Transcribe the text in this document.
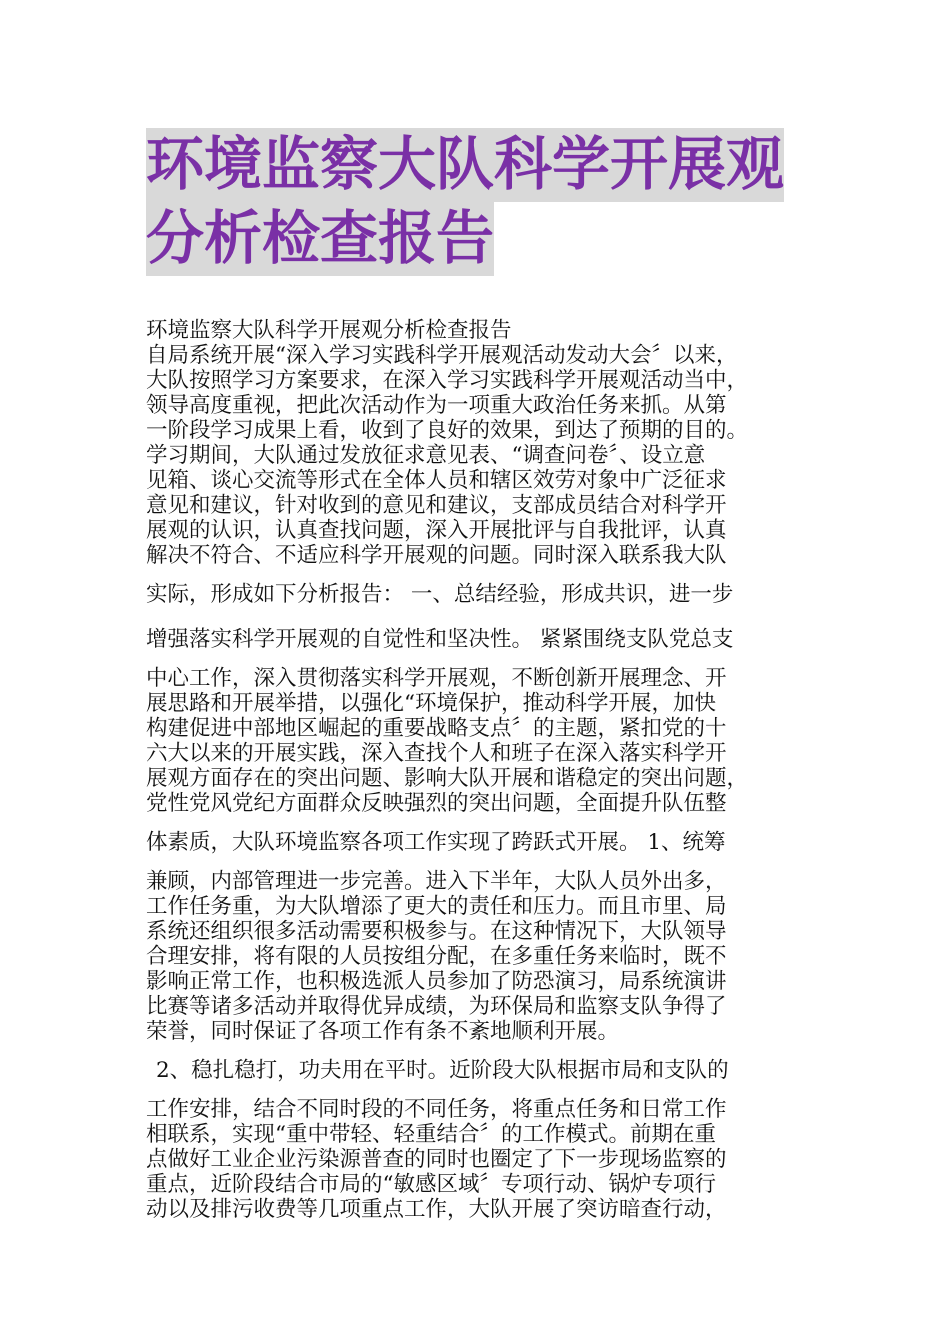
环境监察大队科学开展观
分析检查报告
环境监察大队科学开展观分析检查报告
自局系统开展“深入学习实践科学开展观活动发动大会〞以来，
大队按照学习方案要求，在深入学习实践科学开展观活动当中，
领导高度重视，把此次活动作为一项重大政治任务来抓。从第
一阶段学习成果上看，收到了良好的效果，到达了预期的目的。
学习期间，大队通过发放征求意见表、“调查问卷〞、设立意
见箱、谈心交流等形式在全体人员和辖区效劳对象中广泛征求
意见和建议，针对收到的意见和建议，支部成员结合对科学开
展观的认识，认真查找问题，深入开展批评与自我批评，认真
解决不符合、不适应科学开展观的问题。同时深入联系我大队
实际，形成如下分析报告： 一、总结经验，形成共识，进一步
增强落实科学开展观的自觉性和坚决性。 紧紧围绕支队党总支
中心工作，深入贯彻落实科学开展观，不断创新开展理念、开
展思路和开展举措，以强化“环境保护，推动科学开展，加快
构建促进中部地区崛起的重要战略支点〞的主题，紧扣党的十
六大以来的开展实践，深入查找个人和班子在深入落实科学开
展观方面存在的突出问题、影响大队开展和谐稳定的突出问题，
党性党风党纪方面群众反映强烈的突出问题，全面提升队伍整
体素质，大队环境监察各项工作实现了跨跃式开展。 1、统筹
兼顾，内部管理进一步完善。进入下半年，大队人员外出多，
工作任务重，为大队增添了更大的责任和压力。而且市里、局
系统还组织很多活动需要积极参与。在这种情况下，大队领导
合理安排，将有限的人员按组分配，在多重任务来临时，既不
影响正常工作，也积极选派人员参加了防恐演习，局系统演讲
比赛等诸多活动并取得优异成绩，为环保局和监察支队争得了
荣誉，同时保证了各项工作有条不紊地顺利开展。
2、稳扎稳打，功夫用在平时。近阶段大队根据市局和支队的
工作安排，结合不同时段的不同任务，将重点任务和日常工作
相联系，实现“重中带轻、轻重结合〞的工作模式。前期在重
点做好工业企业污染源普查的同时也圈定了下一步现场监察的
重点，近阶段结合市局的“敏感区域〞专项行动、锅炉专项行
动以及排污收费等几项重点工作，大队开展了突访暗查行动，
